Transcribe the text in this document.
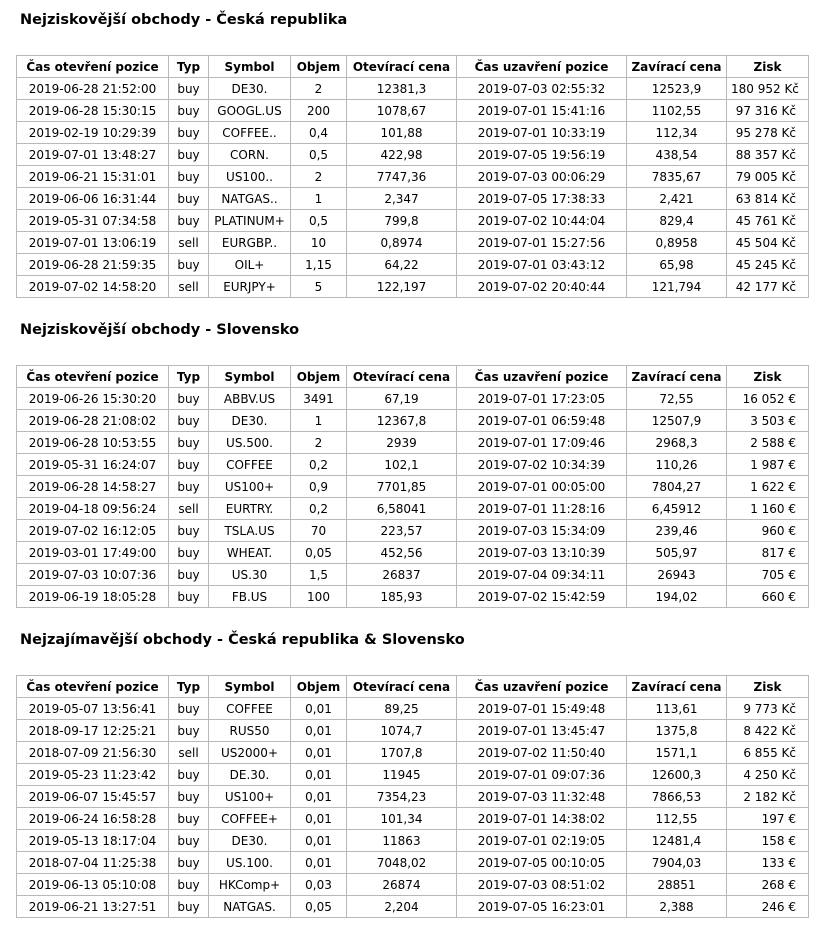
Nejziskovější obchody - Česká republika
Čas otevření pozice	Typ	Symbol	Objem	Otevírací cena	Čas uzavření pozice	Zavírací cena	Zisk
2019-06-28 21:52:00	buy	DE30.	2	12381,3	2019-07-03 02:55:32	12523,9	180 952 Kč
2019-06-28 15:30:15	buy	GOOGL.US	200	1078,67	2019-07-01 15:41:16	1102,55	97 316 Kč
2019-02-19 10:29:39	buy	COFFEE..	0,4	101,88	2019-07-01 10:33:19	112,34	95 278 Kč
2019-07-01 13:48:27	buy	CORN.	0,5	422,98	2019-07-05 19:56:19	438,54	88 357 Kč
2019-06-21 15:31:01	buy	US100..	2	7747,36	2019-07-03 00:06:29	7835,67	79 005 Kč
2019-06-06 16:31:44	buy	NATGAS..	1	2,347	2019-07-05 17:38:33	2,421	63 814 Kč
2019-05-31 07:34:58	buy	PLATINUM+	0,5	799,8	2019-07-02 10:44:04	829,4	45 761 Kč
2019-07-01 13:06:19	sell	EURGBP..	10	0,8974	2019-07-01 15:27:56	0,8958	45 504 Kč
2019-06-28 21:59:35	buy	OIL+	1,15	64,22	2019-07-01 03:43:12	65,98	45 245 Kč
2019-07-02 14:58:20	sell	EURJPY+	5	122,197	2019-07-02 20:40:44	121,794	42 177 Kč
Nejziskovější obchody - Slovensko
Čas otevření pozice	Typ	Symbol	Objem	Otevírací cena	Čas uzavření pozice	Zavírací cena	Zisk
2019-06-26 15:30:20	buy	ABBV.US	3491	67,19	2019-07-01 17:23:05	72,55	16 052 €
2019-06-28 21:08:02	buy	DE30.	1	12367,8	2019-07-01 06:59:48	12507,9	3 503 €
2019-06-28 10:53:55	buy	US.500.	2	2939	2019-07-01 17:09:46	2968,3	2 588 €
2019-05-31 16:24:07	buy	COFFEE	0,2	102,1	2019-07-02 10:34:39	110,26	1 987 €
2019-06-28 14:58:27	buy	US100+	0,9	7701,85	2019-07-01 00:05:00	7804,27	1 622 €
2019-04-18 09:56:24	sell	EURTRY.	0,2	6,58041	2019-07-01 11:28:16	6,45912	1 160 €
2019-07-02 16:12:05	buy	TSLA.US	70	223,57	2019-07-03 15:34:09	239,46	960 €
2019-03-01 17:49:00	buy	WHEAT.	0,05	452,56	2019-07-03 13:10:39	505,97	817 €
2019-07-03 10:07:36	buy	US.30	1,5	26837	2019-07-04 09:34:11	26943	705 €
2019-06-19 18:05:28	buy	FB.US	100	185,93	2019-07-02 15:42:59	194,02	660 €
Nejzajímavější obchody - Česká republika & Slovensko
Čas otevření pozice	Typ	Symbol	Objem	Otevírací cena	Čas uzavření pozice	Zavírací cena	Zisk
2019-05-07 13:56:41	buy	COFFEE	0,01	89,25	2019-07-01 15:49:48	113,61	9 773 Kč
2018-09-17 12:25:21	buy	RUS50	0,01	1074,7	2019-07-01 13:45:47	1375,8	8 422 Kč
2018-07-09 21:56:30	sell	US2000+	0,01	1707,8	2019-07-02 11:50:40	1571,1	6 855 Kč
2019-05-23 11:23:42	buy	DE.30.	0,01	11945	2019-07-01 09:07:36	12600,3	4 250 Kč
2019-06-07 15:45:57	buy	US100+	0,01	7354,23	2019-07-03 11:32:48	7866,53	2 182 Kč
2019-06-24 16:58:28	buy	COFFEE+	0,01	101,34	2019-07-01 14:38:02	112,55	197 €
2019-05-13 18:17:04	buy	DE30.	0,01	11863	2019-07-01 02:19:05	12481,4	158 €
2018-07-04 11:25:38	buy	US.100.	0,01	7048,02	2019-07-05 00:10:05	7904,03	133 €
2019-06-13 05:10:08	buy	HKComp+	0,03	26874	2019-07-03 08:51:02	28851	268 €
2019-06-21 13:27:51	buy	NATGAS.	0,05	2,204	2019-07-05 16:23:01	2,388	246 €
